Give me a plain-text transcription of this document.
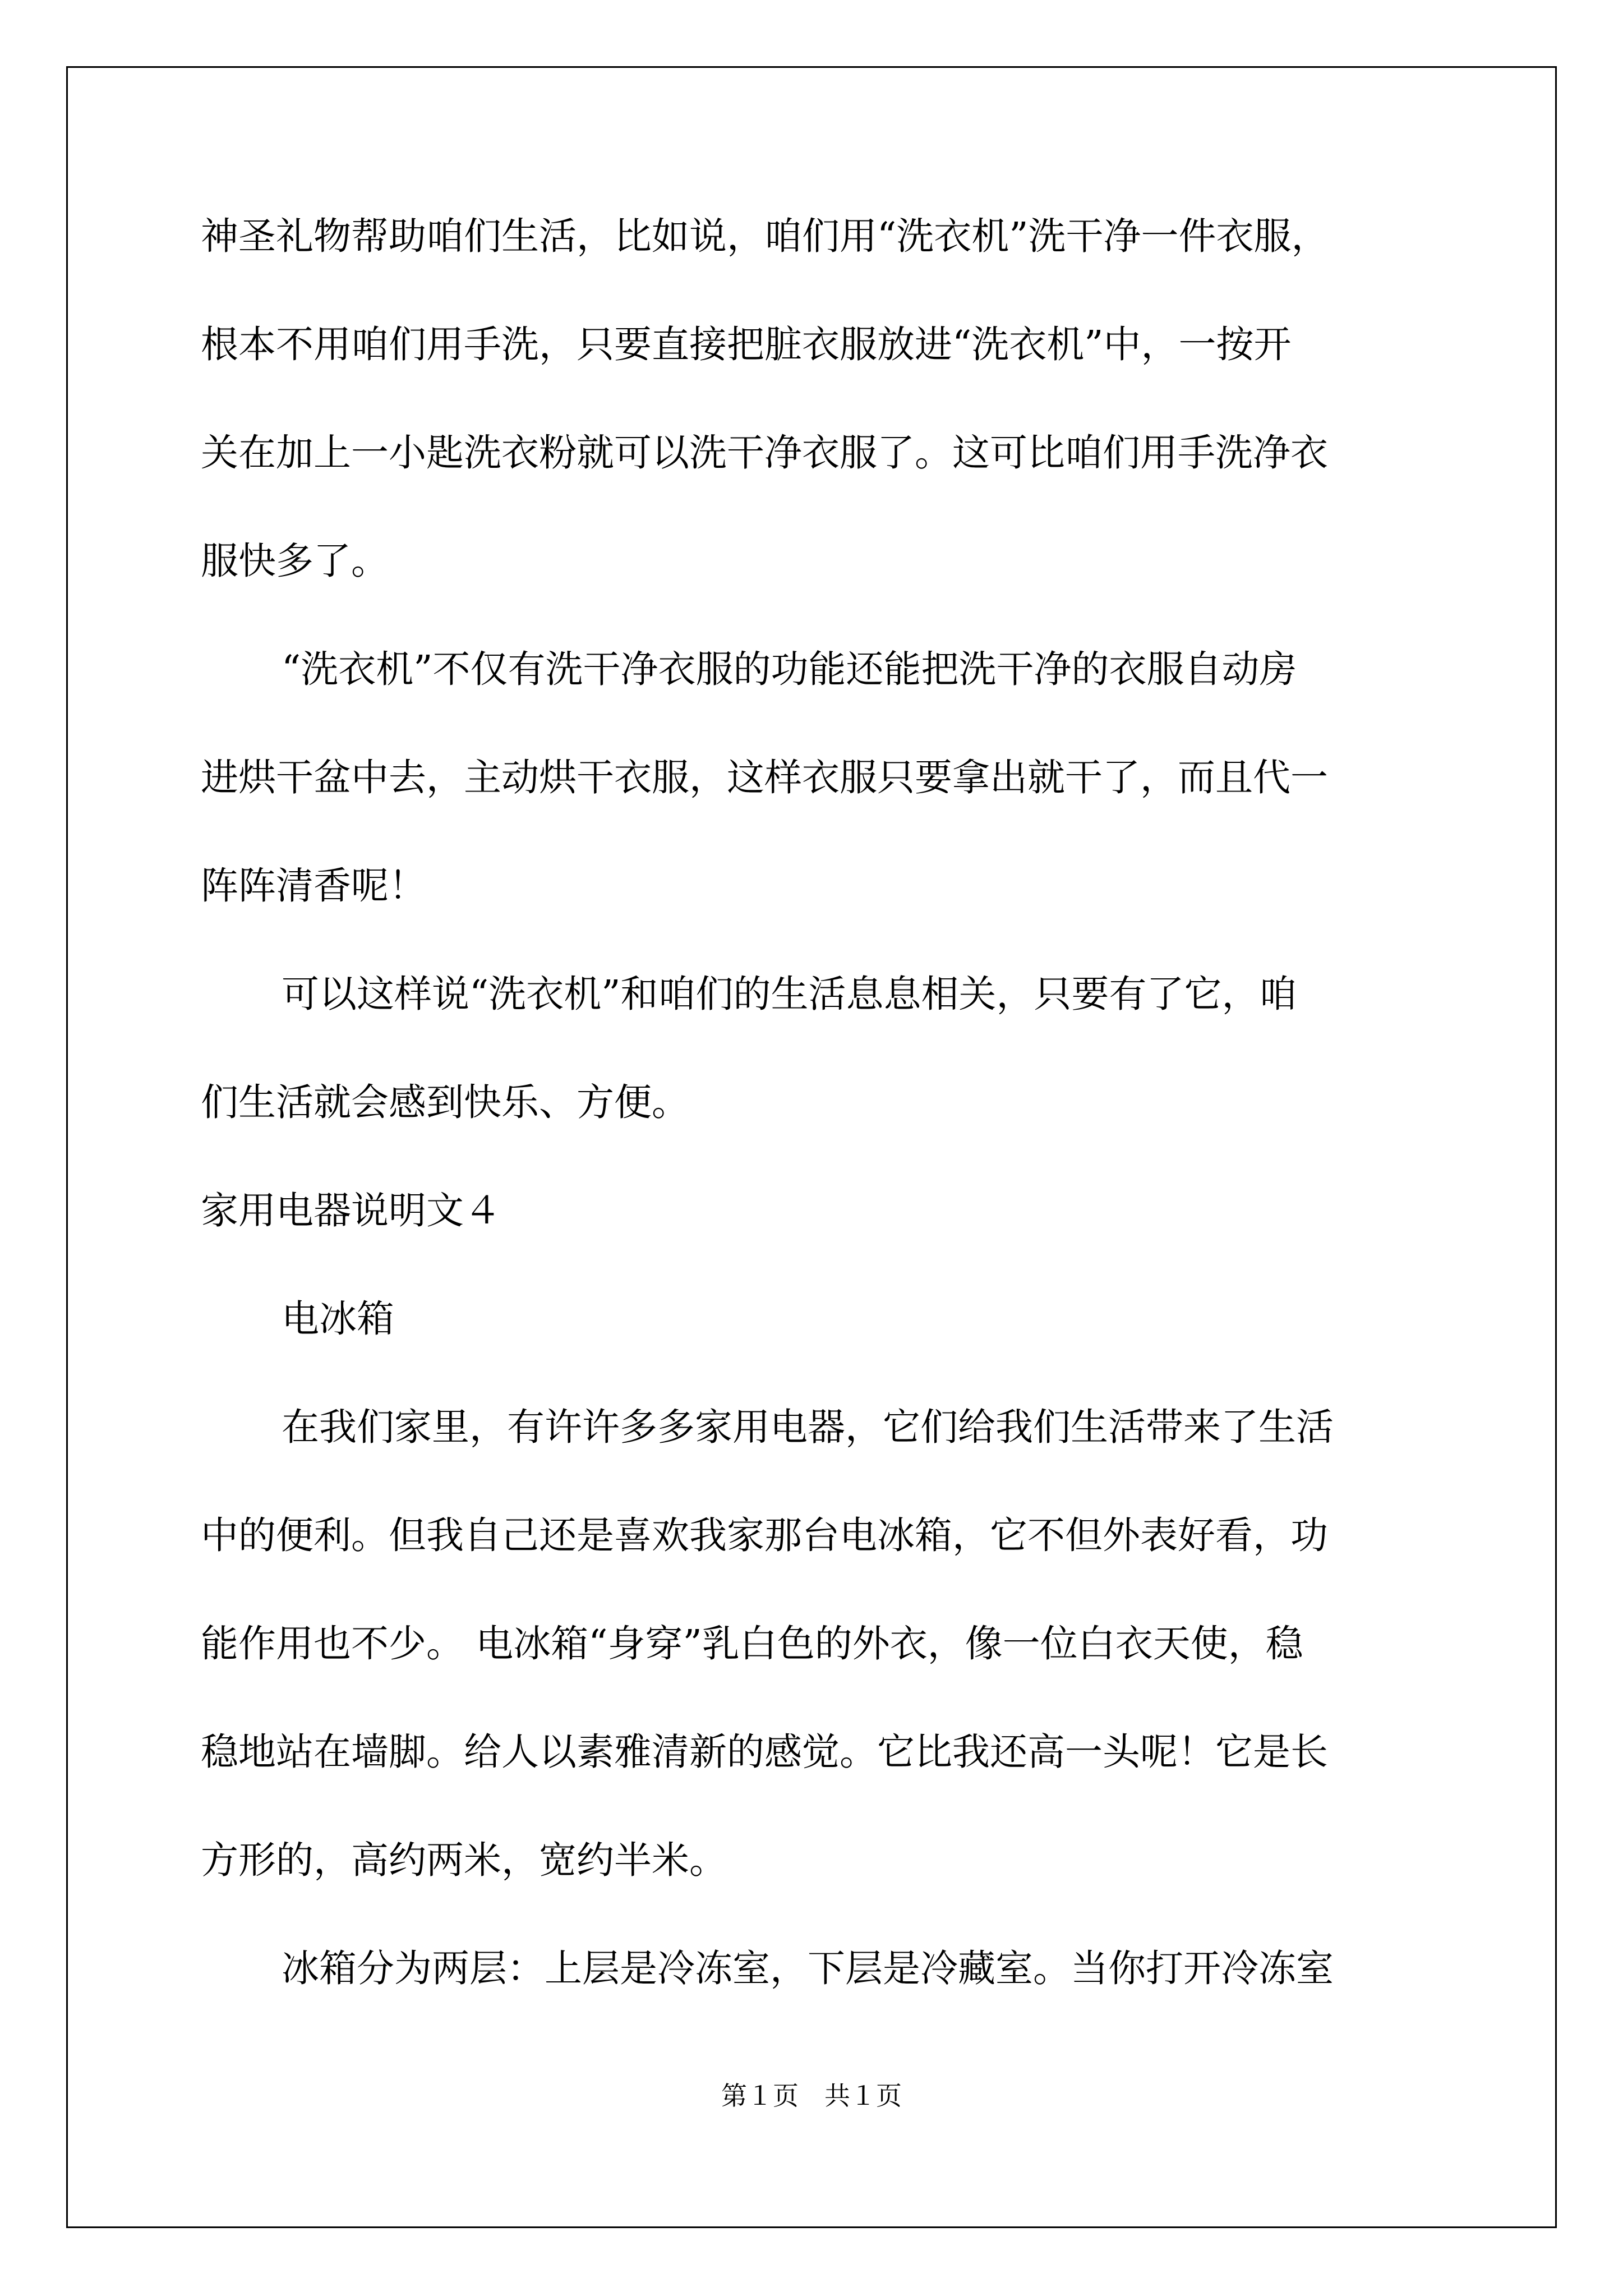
神圣礼物帮助咱们生活，比如说，咱们用“洗衣机”洗干净一件衣服，
根本不用咱们用手洗，只要直接把脏衣服放进“洗衣机”中，一按开
关在加上一小匙洗衣粉就可以洗干净衣服了。这可比咱们用手洗净衣
服快多了。
“洗衣机”不仅有洗干净衣服的功能还能把洗干净的衣服自动房
进烘干盆中去，主动烘干衣服，这样衣服只要拿出就干了，而且代一
阵阵清香呢！
可以这样说“洗衣机”和咱们的生活息息相关，只要有了它，咱
们生活就会感到快乐、方便。
家用电器说明文４
电冰箱
在我们家里，有许许多多家用电器，它们给我们生活带来了生活
中的便利。但我自己还是喜欢我家那台电冰箱，它不但外表好看，功
能作用也不少。 电冰箱“身穿”乳白色的外衣，像一位白衣天使，稳
稳地站在墙脚。给人以素雅清新的感觉。它比我还高一头呢！它是长
方形的，高约两米，宽约半米。
冰箱分为两层：上层是冷冻室，下层是冷藏室。当你打开冷冻室
第１页　共１页
